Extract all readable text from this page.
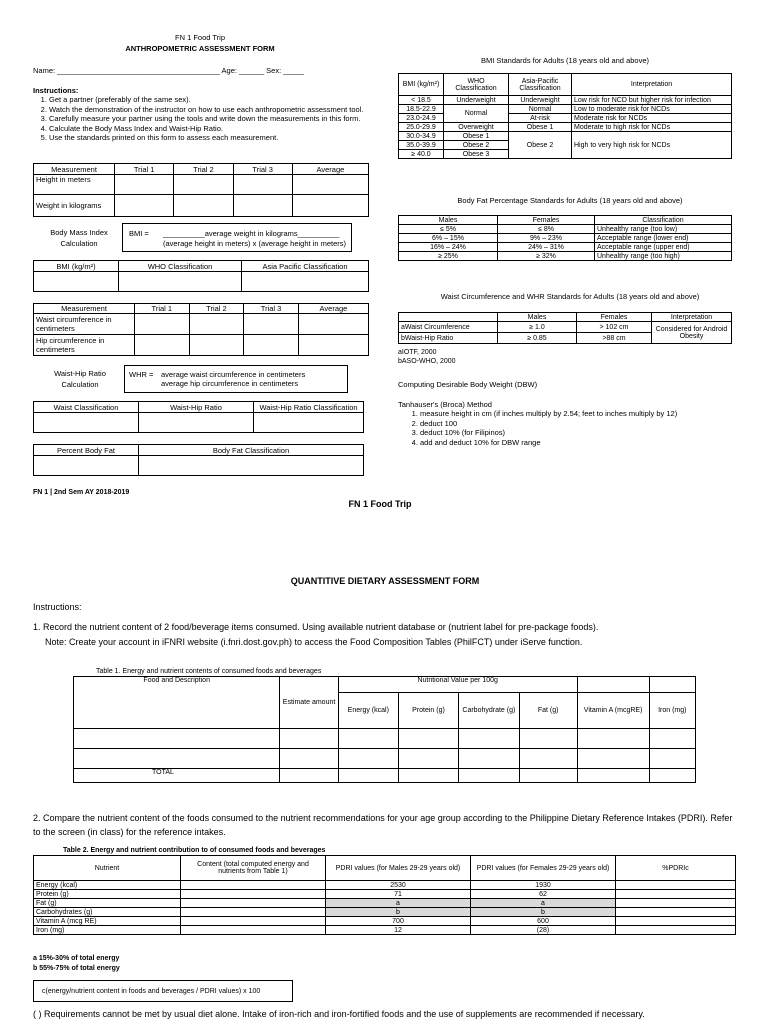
FN 1 Food Trip
ANTHROPOMETRIC ASSESSMENT FORM
Name: _______________________________________ Age: ______ Sex: _____
Instructions:
1. Get a partner (preferably of the same sex).
2. Watch the demonstration of the instructor on how to use each anthropometric assessment tool.
3. Carefully measure your partner using the tools and write down the measurements in this form.
4. Calculate the Body Mass Index and Waist-Hip Ratio.
5. Use the standards printed on this form to assess each measurement.
Measurement	Trial 1	Trial 2	Trial 3	Average
Height in meters				
Weight in kilograms				
Body Mass Index Calculation
BMI = __________average weight in kilograms__________
(average height in meters) x (average height in meters)
BMI (kg/m²)	WHO Classification	Asia Pacific Classification

Measurement	Trial 1	Trial 2	Trial 3	Average
Waist circumference in centimeters				
Hip circumference in centimeters				
Waist-Hip Ratio Calculation
WHR = average waist circumference in centimeters
average hip circumference in centimeters
Waist Classification	Waist-Hip Ratio	Waist-Hip Ratio Classification

Percent Body Fat	Body Fat Classification

FN 1 | 2nd Sem AY 2018-2019
BMI Standards for Adults (18 years old and above)
BMI (kg/m²)	WHO Classification	Asia-Pacific Classification	Interpretation
< 18.5	Underweight	Underweight	Low risk for NCD but higher risk for infection
18.5-22.9	Normal	Normal	Low to moderate risk for NCDs
23.0-24.9		At-risk	Moderate risk for NCDs
25.0-29.9	Overweight	Obese 1	Moderate to high risk for NCDs
30.0-34.9	Obese 1	Obese 2	High to very high risk for NCDs
35.0-39.9	Obese 2		
≥ 40.0	Obese 3		
Body Fat Percentage Standards for Adults (18 years old and above)
Males	Females	Classification
≤ 5%	≤ 8%	Unhealthy range (too low)
6% – 15%	9% – 23%	Acceptable range (lower end)
16% – 24%	24% – 31%	Acceptable range (upper end)
≥ 25%	≥ 32%	Unhealthy range (too high)
Waist Circumference and WHR Standards for Adults (18 years old and above)
	Males	Females	Interpretation
aWaist Circumference	≥ 1.0	> 102 cm	Considered for Android Obesity
bWaist-Hip Ratio	≥ 0.85	>88 cm	
aIOTF, 2000
bASO-WHO, 2000
Computing Desirable Body Weight (DBW)
Tanhauser's (Broca) Method
1. measure height in cm (if inches multiply by 2.54; feet to inches multiply by 12)
2. deduct 100
3. deduct 10% (for Filipinos)
4. add and deduct 10% for DBW range
FN 1 Food Trip
QUANTITIVE DIETARY ASSESSMENT FORM
Instructions:
1. Record the nutrient content of 2 food/beverage items consumed. Using available nutrient database or (nutrient label for pre-package foods).
Note: Create your account in iFNRI website (i.fnri.dost.gov.ph) to access the Food Composition Tables (PhilFCT) under iServe function.
Table 1. Energy and nutrient contents of consumed foods and beverages
Food and Description	Estimate amount	Nutritional Value per 100g					
		Energy (kcal)	Protein (g)	Carbohydrate (g)	Fat (g)	Vitamin A (mcgRE)	Iron (mg)

TOTAL							
2. Compare the nutrient content of the foods consumed to the nutrient recommendations for your age group according to the Philippine Dietary Reference Intakes (PDRI). Refer to the screen (in class) for the reference intakes.
Table 2. Energy and nutrient contribution to of consumed foods and beverages
Nutrient	Content (total computed energy and nutrients from Table 1)	PDRI values (for Males 29-29 years old)	PDRI values (for Females 29-29 years old)	%PDRIc
Energy (kcal)		2530	1930	
Protein (g)		71	62	
Fat (g)		a	a	
Carbohydrates (g)		b	b	
Vitamin A (mcg RE)		700	600	
Iron (mg)		12	(28)	
a 15%-30% of total energy
b 55%-75% of total energy
c(energy/nutrient content in foods and beverages / PDRI values) x 100
( ) Requirements cannot be met by usual diet alone. Intake of iron-rich and iron-fortified foods and the use of supplements are recommended if necessary.
